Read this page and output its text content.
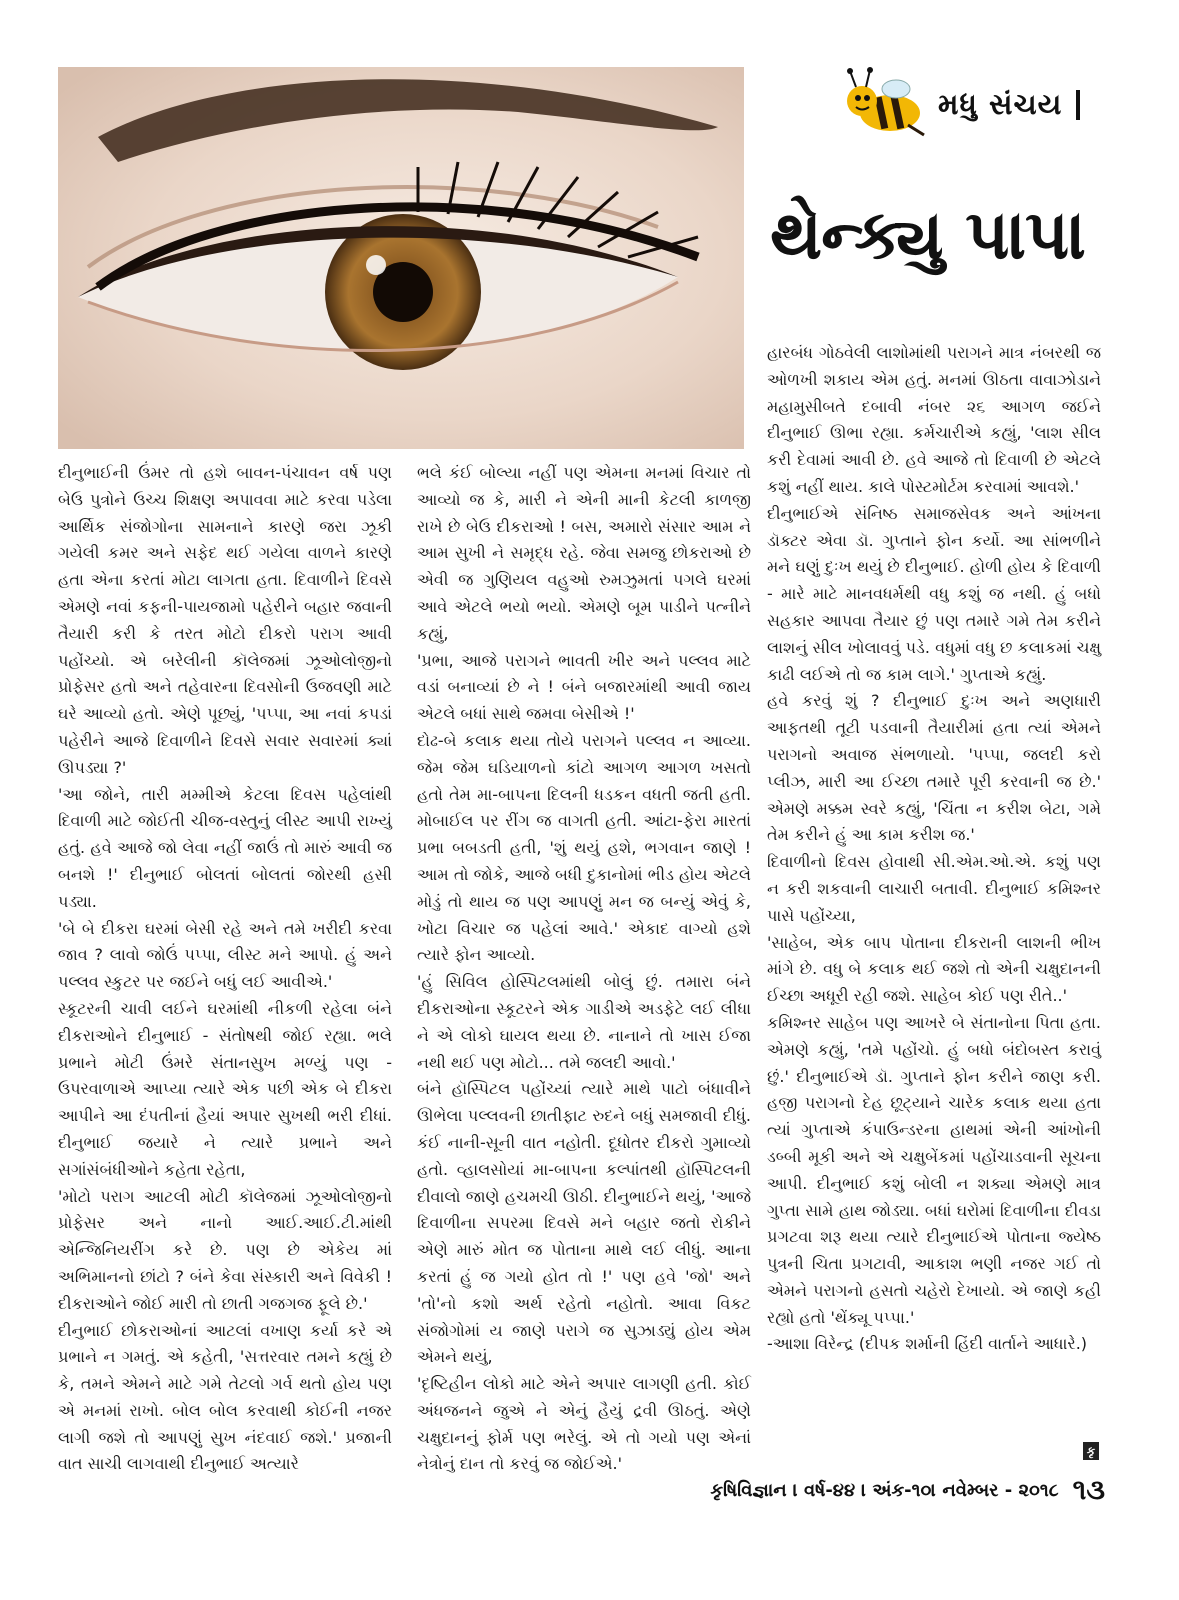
મધુ સંચય
થેન્ક્યુ પાપા

દીનુભાઈની ઉંમર તો હશે બાવન-પંચાવન વર્ષ પણ બેઉ પુત્રોને ઉચ્ચ શિક્ષણ અપાવવા માટે કરવા પડેલા આર્થિક સંજોગોના સામનાને કારણે જરા ઝૂકી ગયેલી કમર અને સફેદ થઈ ગયેલા વાળને કારણે હતા એના કરતાં મોટા લાગતા હતા. દિવાળીને દિવસે એમણે નવાં કફની-પાયજામો પહેરીને બહાર જવાની તૈયારી કરી કે તરત મોટો દીકરો પરાગ આવી પહોંચ્યો. એ બરેલીની કૉલેજમાં ઝૂઓલોજીનો પ્રોફેસર હતો અને તહેવારના દિવસોની ઉજવણી માટે ઘરે આવ્યો હતો. એણે પૂછ્યું, 'પપ્પા, આ નવાં કપડાં પહેરીને આજે દિવાળીને દિવસે સવાર સવારમાં ક્યાં ઊપડ્યા ?'

'આ જોને, તારી મમ્મીએ કેટલા દિવસ પહેલાંથી દિવાળી માટે જોઈતી ચીજ-વસ્તુનું લીસ્ટ આપી રાખ્યું હતું. હવે આજે જો લેવા નહીં જાઉં તો મારું આવી જ બનશે !' દીનુભાઈ બોલતાં બોલતાં જોરથી હસી પડ્યા.

'બે બે દીકરા ઘરમાં બેસી રહે અને તમે ખરીદી કરવા જાવ ? લાવો જોઉં પપ્પા, લીસ્ટ મને આપો. હું અને પલ્લવ સ્કુટર પર જઈને બધું લઈ આવીએ.'

સ્કૂટરની ચાવી લઈને ઘરમાંથી નીકળી રહેલા બંને દીકરાઓને દીનુભાઈ - સંતોષથી જોઈ રહ્યા. ભલે પ્રભાને મોટી ઉંમરે સંતાનસુખ મળ્યું પણ - ઉપરવાળાએ આપ્યા ત્યારે એક પછી એક બે દીકરા આપીને આ દંપતીનાં હૈયાં અપાર સુખથી ભરી દીધાં. દીનુભાઈ જયારે ને ત્યારે પ્રભાને અને સગાંસંબંધીઓને કહેતા રહેતા,

'મોટો પરાગ આટલી મોટી કૉલેજમાં ઝૂઓલોજીનો પ્રોફેસર અને નાનો આઈ.આઈ.ટી.માંથી એન્જિનિયરીંગ કરે છે. પણ છે એકેય માં અભિમાનનો છાંટો ? બંને કેવા સંસ્કારી અને વિવેકી ! દીકરાઓને જોઈ મારી તો છાતી ગજગજ ફૂલે છે.'

દીનુભાઈ છોકરાઓનાં આટલાં વખાણ કર્યા કરે એ પ્રભાને ન ગમતું. એ કહેતી, 'સત્તરવાર તમને કહ્યું છે કે, તમને એમને માટે ગમે તેટલો ગર્વ થતો હોય પણ એ મનમાં રાખો. બોલ બોલ કરવાથી કોઈની નજર લાગી જશે તો આપણું સુખ નંદવાઈ જશે.' પ્રજાની વાત સાચી લાગવાથી દીનુભાઈ અત્યારે

ભલે કંઈ બોલ્યા નહીં પણ એમના મનમાં વિચાર તો આવ્યો જ કે, મારી ને એની માની કેટલી કાળજી રાખે છે બેઉ દીકરાઓ ! બસ, અમારો સંસાર આમ ને આમ સુખી ને સમૃદ્ધ રહે. જેવા સમજુ છોકરાઓ છે એવી જ ગુણિયલ વહુઓ રુમઝુમતાં પગલે ઘરમાં આવે એટલે ભયો ભયો. એમણે બૂમ પાડીને પત્નીને કહ્યું,

'પ્રભા, આજે પરાગને ભાવતી ખીર અને પલ્લવ માટે વડાં બનાવ્યાં છે ને ! બંને બજારમાંથી આવી જાય એટલે બધાં સાથે જમવા બેસીએ !'

દોઢ-બે કલાક થયા તોયે પરાગને પલ્લવ ન આવ્યા. જેમ જેમ ઘડિયાળનો કાંટો આગળ આગળ ખસતો હતો તેમ મા-બાપના દિલની ધડકન વધતી જતી હતી. મોબાઈલ પર રીંગ જ વાગતી હતી. આંટા-ફેરા મારતાં પ્રભા બબડતી હતી, 'શું થયું હશે, ભગવાન જાણે ! આમ તો જોકે, આજે બધી દુકાનોમાં ભીડ હોય એટલે મોડું તો થાય જ પણ આપણું મન જ બન્યું એવું કે, ખોટા વિચાર જ પહેલાં આવે.' એકાદ વાગ્યો હશે ત્યારે ફોન આવ્યો.

'હું સિવિલ હોસ્પિટલમાંથી બોલું છું. તમારા બંને દીકરાઓના સ્કૂટરને એક ગાડીએ અડફેટે લઈ લીધા ને એ લોકો ઘાયલ થયા છે. નાનાને તો ખાસ ઈજા નથી થઈ પણ મોટો... તમે જલદી આવો.'

બંને હૉસ્પિટલ પહોંચ્યાં ત્યારે માથે પાટો બંધાવીને ઊભેલા પલ્લવની છાતીફાટ રુદને બધું સમજાવી દીધું. કંઈ નાની-સૂની વાત નહોતી. દૂધોતર દીકરો ગુમાવ્યો હતો. વ્હાલસોયાં મા-બાપના કલ્પાંતથી હૉસ્પિટલની દીવાલો જાણે હચમચી ઊઠી. દીનુભાઈને થયું, 'આજે દિવાળીના સપરમા દિવસે મને બહાર જતો રોકીને એણે મારું મોત જ પોતાના માથે લઈ લીધું. આના કરતાં હું જ ગયો હોત તો !' પણ હવે 'જો' અને 'તો'નો કશો અર્થ રહેતો નહોતો. આવા વિકટ સંજોગોમાં ય જાણે પરાગે જ સુઝાડ્યું હોય એમ એમને થયું,

'દૃષ્ટિહીન લોકો માટે એને અપાર લાગણી હતી. કોઈ અંધજનને જુએ ને એનું હૈયું દ્રવી ઊઠતું. એણે ચક્ષુદાનનું ફોર્મ પણ ભરેલું. એ તો ગયો પણ એનાં નેત્રોનું દાન તો કરવું જ જોઈએ.'

હારબંધ ગોઠવેલી લાશોમાંથી પરાગને માત્ર નંબરથી જ ઓળખી શકાય એમ હતું. મનમાં ઊઠતા વાવાઝોડાને મહામુસીબતે દબાવી નંબર ૨૬ આગળ જઈને દીનુભાઈ ઊભા રહ્યા. કર્મચારીએ કહ્યું, 'લાશ સીલ કરી દેવામાં આવી છે. હવે આજે તો દિવાળી છે એટલે કશું નહીં થાય. કાલે પોસ્ટમોર્ટમ કરવામાં આવશે.'

દીનુભાઈએ સંનિષ્ઠ સમાજસેવક અને આંખના ડૉક્ટર એવા ડૉ. ગુપ્તાને ફોન કર્યો. આ સાંભળીને મને ઘણું દુઃખ થયું છે દીનુભાઈ. હોળી હોય કે દિવાળી - મારે માટે માનવધર્મથી વધુ કશું જ નથી. હું બધો સહકાર આપવા તૈયાર છું પણ તમારે ગમે તેમ કરીને લાશનું સીલ ખોલાવવું પડે. વધુમાં વધુ છ કલાકમાં ચક્ષુ કાઢી લઈએ તો જ કામ લાગે.' ગુપ્તાએ કહ્યું.

હવે કરવું શું ? દીનુભાઈ દુઃખ અને અણધારી આફતથી તૂટી પડવાની તૈયારીમાં હતા ત્યાં એમને પરાગનો અવાજ સંભળાયો. 'પપ્પા, જલદી કરો પ્લીઝ, મારી આ ઈચ્છા તમારે પૂરી કરવાની જ છે.' એમણે મક્કમ સ્વરે કહ્યું, 'ચિંતા ન કરીશ બેટા, ગમે તેમ કરીને હું આ કામ કરીશ જ.'

દિવાળીનો દિવસ હોવાથી સી.એમ.ઓ.એ. કશું પણ ન કરી શકવાની લાચારી બતાવી. દીનુભાઈ કમિશ્નર પાસે પહોંચ્યા,

'સાહેબ, એક બાપ પોતાના દીકરાની લાશની ભીખ માંગે છે. વધુ બે કલાક થઈ જશે તો એની ચક્ષુદાનની ઈચ્છા અધૂરી રહી જશે. સાહેબ કોઈ પણ રીતે..'

કમિશ્નર સાહેબ પણ આખરે બે સંતાનોના પિતા હતા. એમણે કહ્યું, 'તમે પહોંચો. હું બધો બંદોબસ્ત કરાવું છું.' દીનુભાઈએ ડૉ. ગુપ્તાને ફોન કરીને જાણ કરી. હજી પરાગનો દેહ છૂટ્યાને ચારેક કલાક થયા હતા ત્યાં ગુપ્તાએ કંપાઉન્ડરના હાથમાં એની આંખોની ડબ્બી મૂકી અને એ ચક્ષુબેંકમાં પહોંચાડવાની સૂચના આપી. દીનુભાઈ કશું બોલી ન શક્યા એમણે માત્ર ગુપ્તા સામે હાથ જોડ્યા. બધાં ઘરોમાં દિવાળીના દીવડા પ્રગટવા શરૂ થયા ત્યારે દીનુભાઈએ પોતાના જ્યેષ્ઠ પુત્રની ચિતા પ્રગટાવી, આકાશ ભણી નજર ગઈ તો એમને પરાગનો હસતો ચહેરો દેખાયો. એ જાણે કહી રહ્યો હતો 'થેંક્યૂ પપ્પા.'

-આશા વિરેન્દ્ર (દીપક શર્માની હિંદી વાર્તાને આધારે.)

કૃ
કૃષિવિજ્ઞાન । વર્ષ-૪૪ । અંક-૧૦। નવેમ્બર - ૨૦૧૮ ૧૩
